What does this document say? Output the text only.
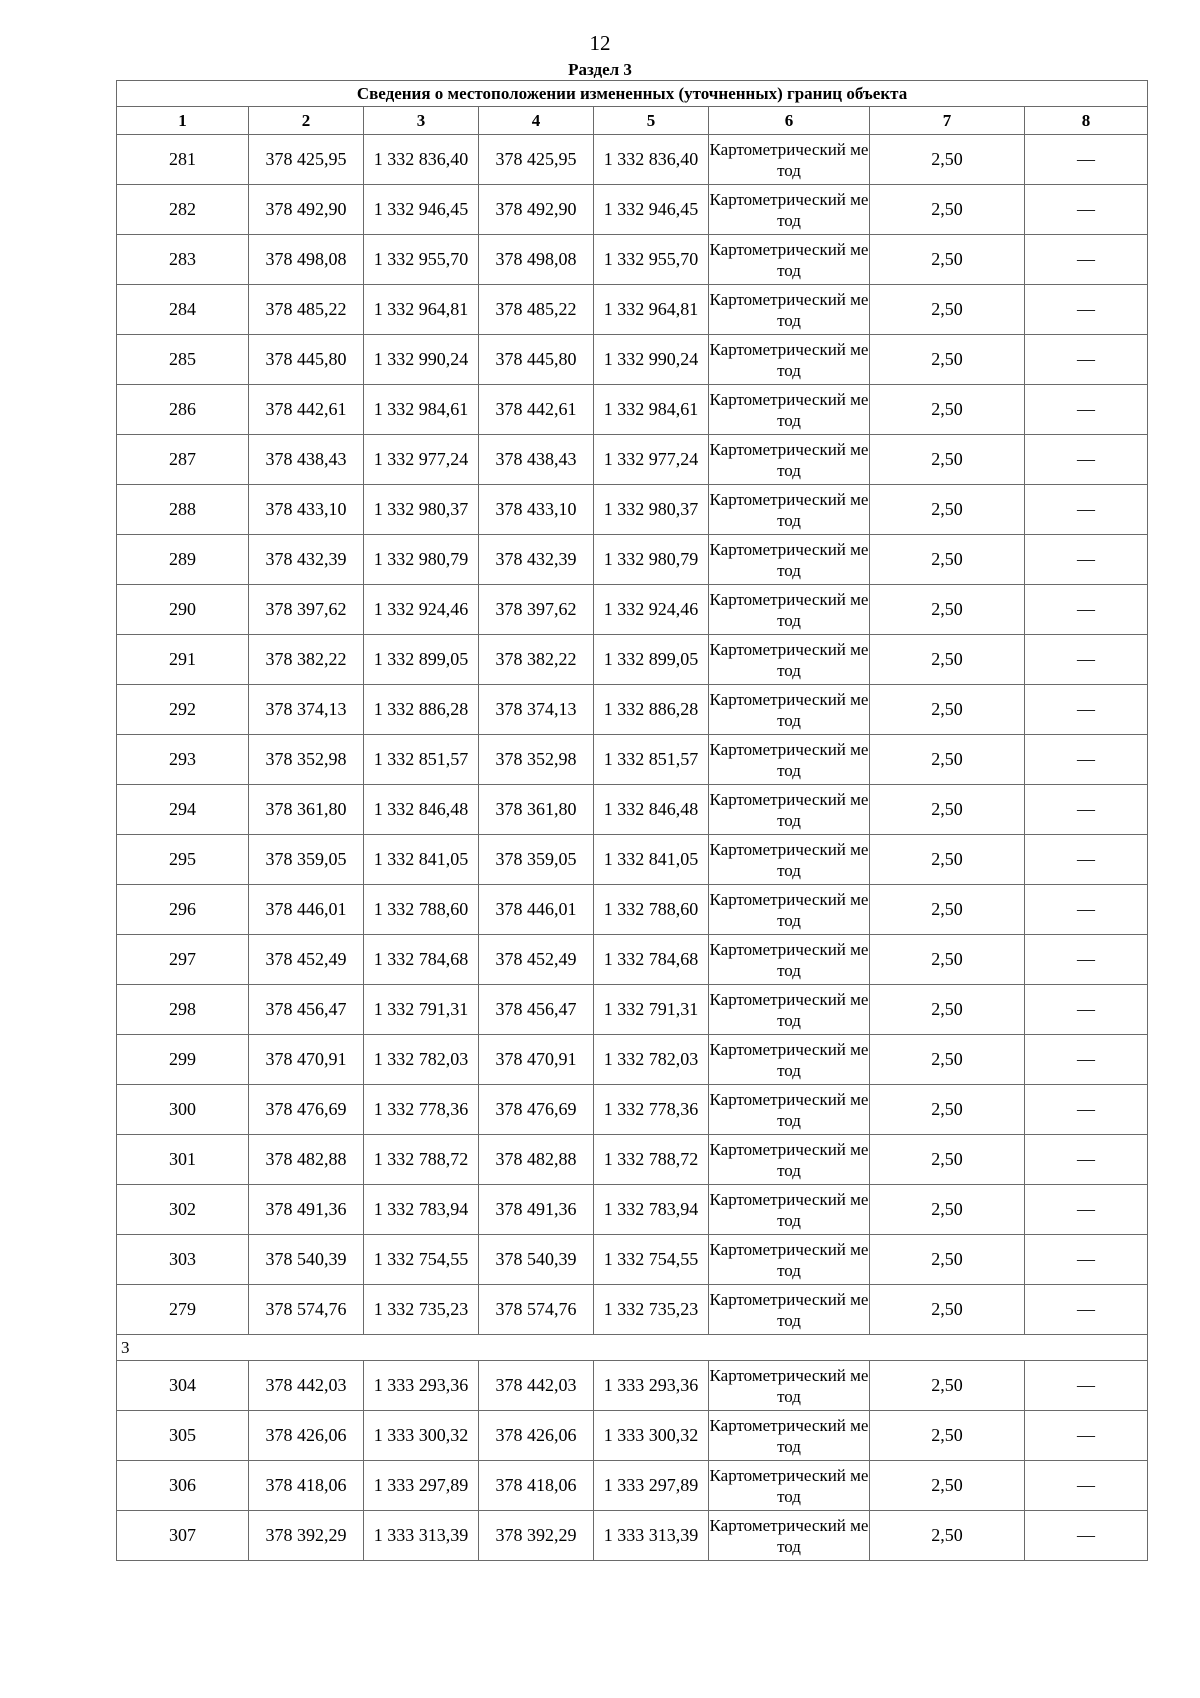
12
Раздел 3
Сведения о местоположении измененных (уточненных) границ объекта							
1	2	3	4	5	6	7	8
281	378 425,95	1 332 836,40	378 425,95	1 332 836,40	Картометрический метод	2,50	—
282	378 492,90	1 332 946,45	378 492,90	1 332 946,45	Картометрический метод	2,50	—
283	378 498,08	1 332 955,70	378 498,08	1 332 955,70	Картометрический метод	2,50	—
284	378 485,22	1 332 964,81	378 485,22	1 332 964,81	Картометрический метод	2,50	—
285	378 445,80	1 332 990,24	378 445,80	1 332 990,24	Картометрический метод	2,50	—
286	378 442,61	1 332 984,61	378 442,61	1 332 984,61	Картометрический метод	2,50	—
287	378 438,43	1 332 977,24	378 438,43	1 332 977,24	Картометрический метод	2,50	—
288	378 433,10	1 332 980,37	378 433,10	1 332 980,37	Картометрический метод	2,50	—
289	378 432,39	1 332 980,79	378 432,39	1 332 980,79	Картометрический метод	2,50	—
290	378 397,62	1 332 924,46	378 397,62	1 332 924,46	Картометрический метод	2,50	—
291	378 382,22	1 332 899,05	378 382,22	1 332 899,05	Картометрический метод	2,50	—
292	378 374,13	1 332 886,28	378 374,13	1 332 886,28	Картометрический метод	2,50	—
293	378 352,98	1 332 851,57	378 352,98	1 332 851,57	Картометрический метод	2,50	—
294	378 361,80	1 332 846,48	378 361,80	1 332 846,48	Картометрический метод	2,50	—
295	378 359,05	1 332 841,05	378 359,05	1 332 841,05	Картометрический метод	2,50	—
296	378 446,01	1 332 788,60	378 446,01	1 332 788,60	Картометрический метод	2,50	—
297	378 452,49	1 332 784,68	378 452,49	1 332 784,68	Картометрический метод	2,50	—
298	378 456,47	1 332 791,31	378 456,47	1 332 791,31	Картометрический метод	2,50	—
299	378 470,91	1 332 782,03	378 470,91	1 332 782,03	Картометрический метод	2,50	—
300	378 476,69	1 332 778,36	378 476,69	1 332 778,36	Картометрический метод	2,50	—
301	378 482,88	1 332 788,72	378 482,88	1 332 788,72	Картометрический метод	2,50	—
302	378 491,36	1 332 783,94	378 491,36	1 332 783,94	Картометрический метод	2,50	—
303	378 540,39	1 332 754,55	378 540,39	1 332 754,55	Картометрический метод	2,50	—
279	378 574,76	1 332 735,23	378 574,76	1 332 735,23	Картометрический метод	2,50	—
3							
304	378 442,03	1 333 293,36	378 442,03	1 333 293,36	Картометрический метод	2,50	—
305	378 426,06	1 333 300,32	378 426,06	1 333 300,32	Картометрический метод	2,50	—
306	378 418,06	1 333 297,89	378 418,06	1 333 297,89	Картометрический метод	2,50	—
307	378 392,29	1 333 313,39	378 392,29	1 333 313,39	Картометрический метод	2,50	—
